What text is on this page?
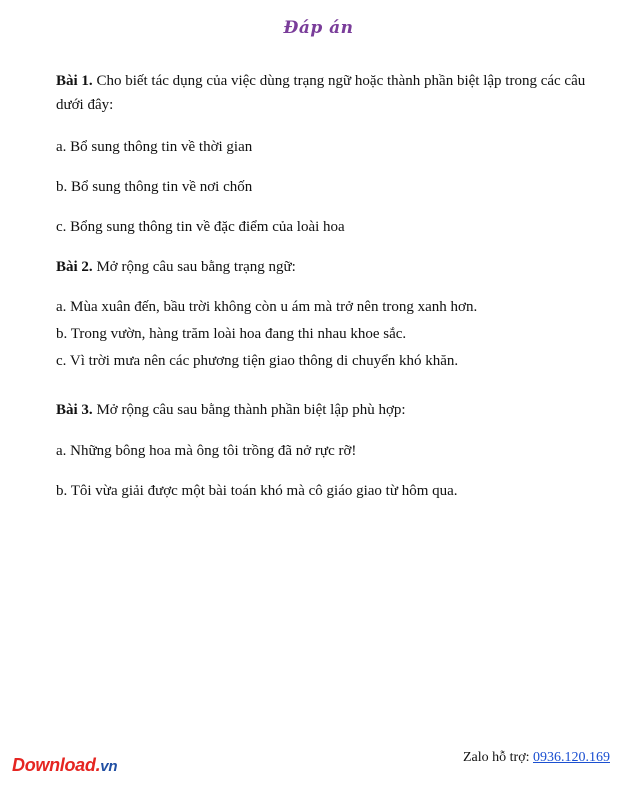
Đáp án
Bài 1. Cho biết tác dụng của việc dùng trạng ngữ hoặc thành phần biệt lập trong các câu dưới đây:
a. Bổ sung thông tin về thời gian
b. Bổ sung thông tin về nơi chốn
c. Bổng sung thông tin về đặc điểm của loài hoa
Bài 2. Mở rộng câu sau bằng trạng ngữ:
a. Mùa xuân đến, bầu trời không còn u ám mà trở nên trong xanh hơn.
b. Trong vườn, hàng trăm loài hoa đang thi nhau khoe sắc.
c. Vì trời mưa nên các phương tiện giao thông di chuyển khó khăn.
Bài 3. Mở rộng câu sau bằng thành phần biệt lập phù hợp:
a. Những bông hoa mà ông tôi trồng đã nở rực rỡ!
b. Tôi vừa giải được một bài toán khó mà cô giáo giao từ hôm qua.
Download.vn
Zalo hỗ trợ: 0936.120.169
